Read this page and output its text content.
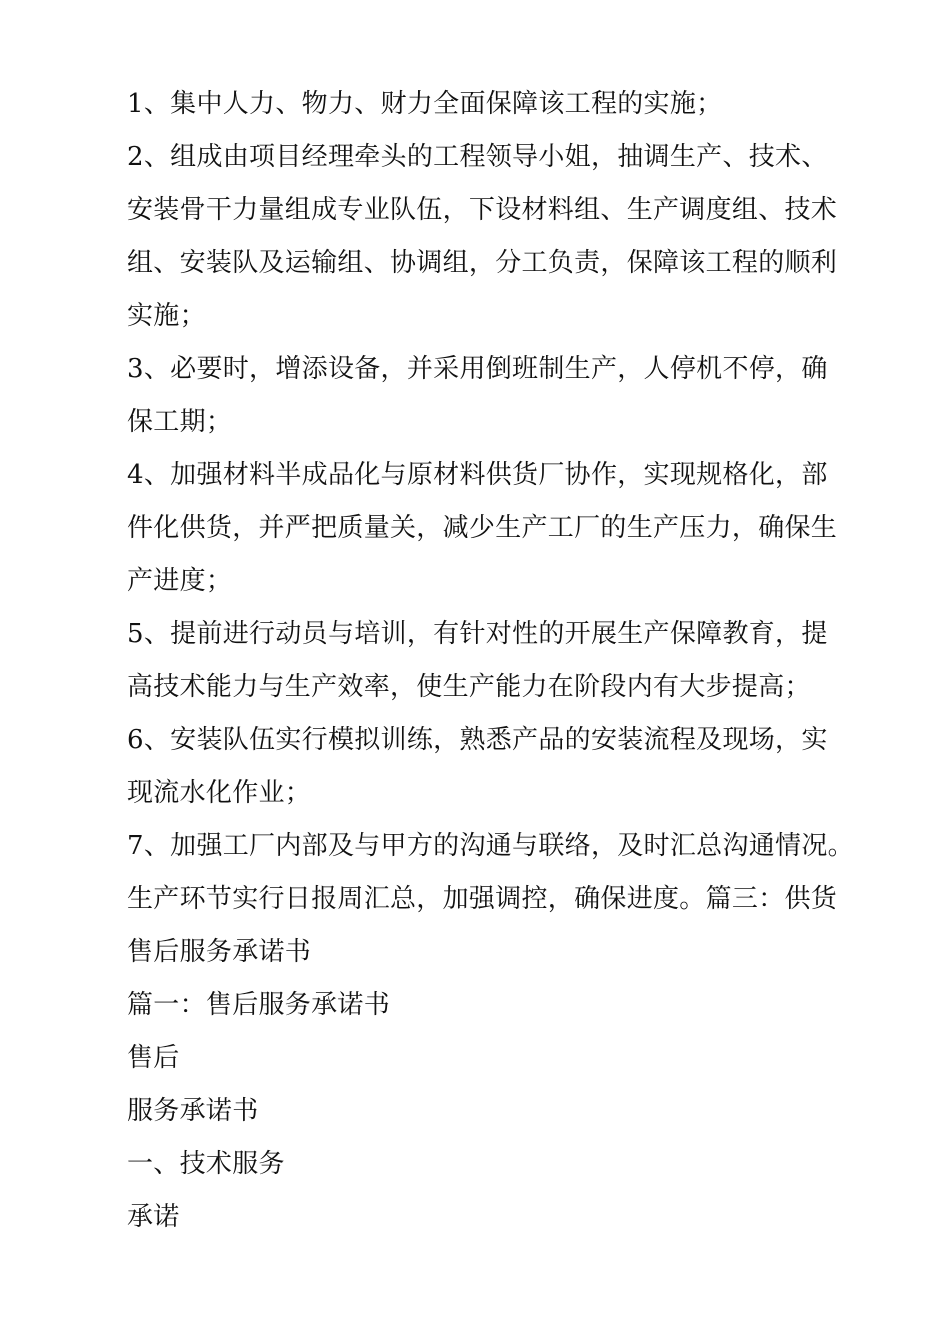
1、集中人力、物力、财力全面保障该工程的实施；
2、组成由项目经理牵头的工程领导小姐，抽调生产、技术、
安装骨干力量组成专业队伍，下设材料组、生产调度组、技术
组、安装队及运输组、协调组，分工负责，保障该工程的顺利
实施；
3、必要时，增添设备，并采用倒班制生产，人停机不停，确
保工期；
4、加强材料半成品化与原材料供货厂协作，实现规格化，部
件化供货，并严把质量关，减少生产工厂的生产压力，确保生
产进度；
5、提前进行动员与培训，有针对性的开展生产保障教育，提
高技术能力与生产效率，使生产能力在阶段内有大步提高；
6、安装队伍实行模拟训练，熟悉产品的安装流程及现场，实
现流水化作业；
7、加强工厂内部及与甲方的沟通与联络，及时汇总沟通情况。
生产环节实行日报周汇总，加强调控，确保进度。篇三：供货
售后服务承诺书
篇一：售后服务承诺书
售后
服务承诺书
一、技术服务
承诺
